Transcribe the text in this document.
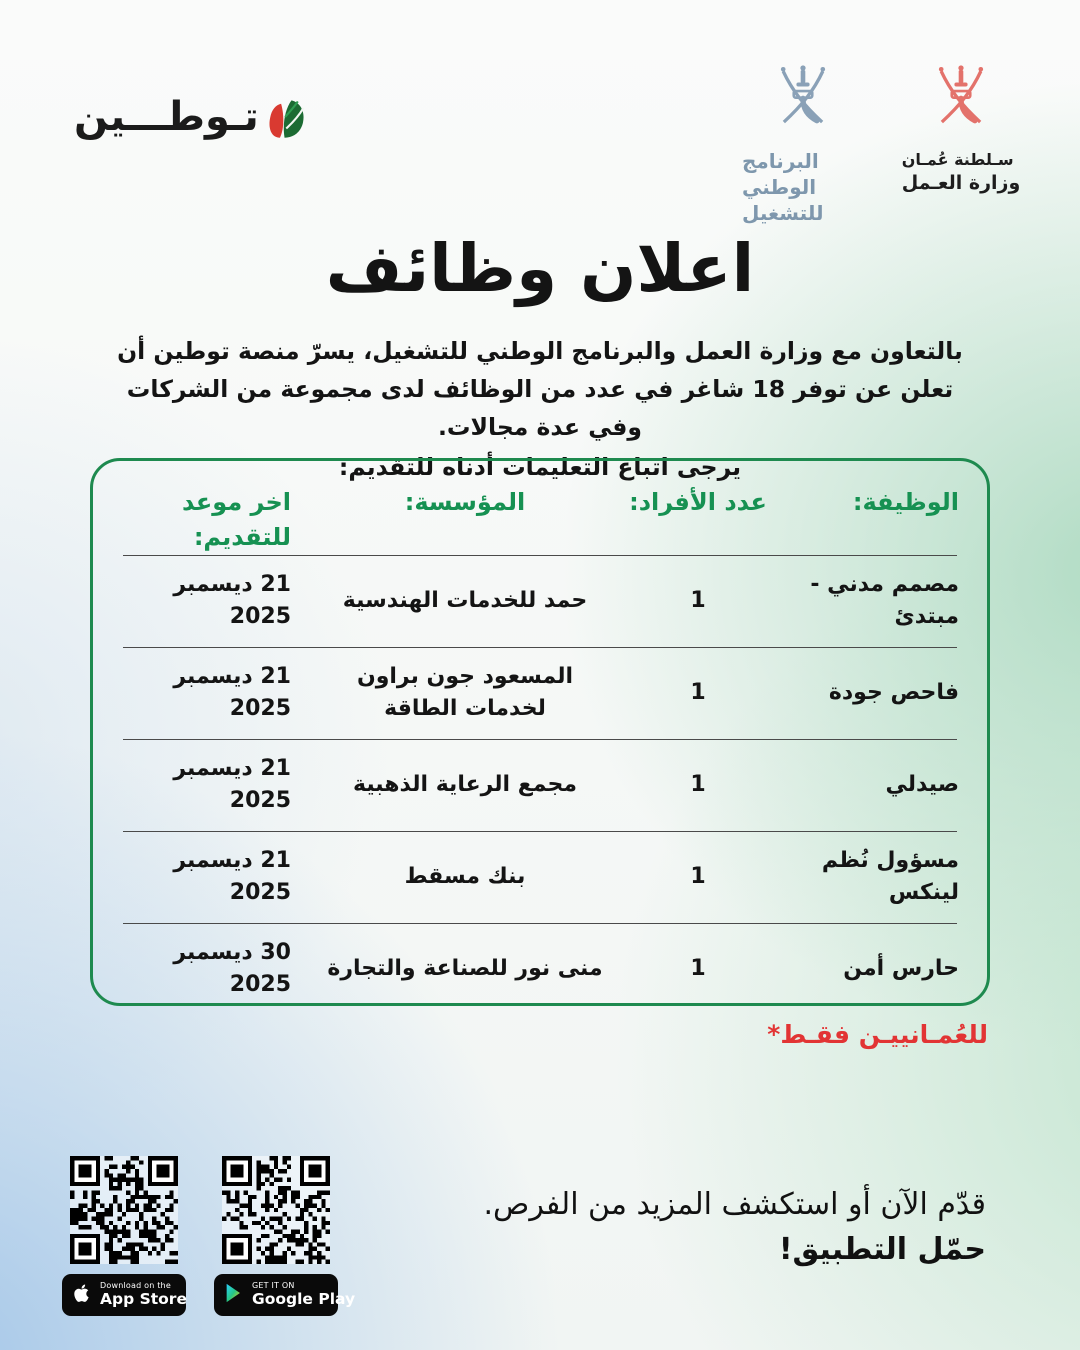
تـوطـــين
البرنامج الوطني
للتشغيل
سـلطنة عُمـان
وزارة العـمل
اعلان وظائف
بالتعاون مع وزارة العمل والبرنامج الوطني للتشغيل، يسرّ منصة توطين أن تعلن عن توفر 18 شاغر في عدد من الوظائف لدى مجموعة من الشركات وفي عدة مجالات.
يرجى اتباع التعليمات أدناه للتقديم:
الوظيفة:
عدد الأفراد:
المؤسسة:
اخر موعد للتقديم:
مصمم مدني - مبتدئ
1
حمد للخدمات الهندسية
21 ديسمبر 2025
فاحص جودة
1
المسعود جون براون لخدمات الطاقة
21 ديسمبر 2025
صيدلي
1
مجمع الرعاية الذهبية
21 ديسمبر 2025
مسؤول نُظم لينكس
1
بنك مسقط
21 ديسمبر 2025
حارس أمن
1
منى نور للصناعة والتجارة
30 ديسمبر 2025
للعُمـانييـن فقـط*
قدّم الآن أو استكشف المزيد من الفرص.
حمّل التطبيق!
Download on the
App Store
GET IT ON
Google Play
